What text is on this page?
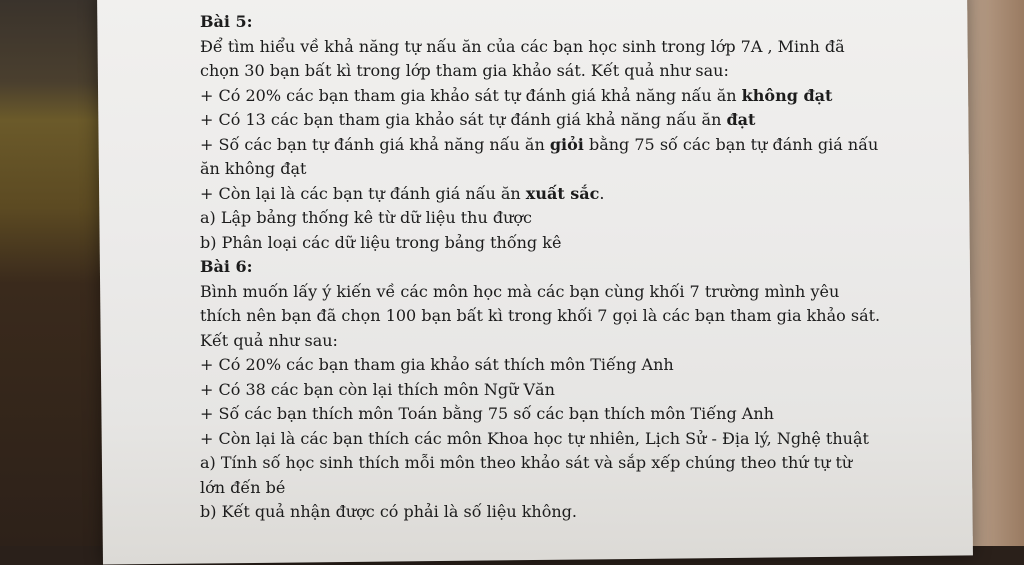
Bài 5:

Để tìm hiểu về khả năng tự nấu ăn của các bạn học sinh trong lớp 7A , Minh đã

chọn 30 bạn bất kì trong lớp tham gia khảo sát. Kết quả như sau:

+ Có 20% các bạn tham gia khảo sát tự đánh giá khả năng nấu ăn không đạt

+ Có 13 các bạn tham gia khảo sát tự đánh giá khả năng nấu ăn đạt

+ Số các bạn tự đánh giá khả năng nấu ăn giỏi bằng 75 số các bạn tự đánh giá nấu

ăn không đạt

+ Còn lại là các bạn tự đánh giá nấu ăn xuất sắc.

a) Lập bảng thống kê từ dữ liệu thu được

b) Phân loại các dữ liệu trong bảng thống kê

Bài 6:

Bình muốn lấy ý kiến về các môn học mà các bạn cùng khối 7 trường mình yêu

thích nên bạn đã chọn 100 bạn bất kì trong khối 7 gọi là các bạn tham gia khảo sát.

Kết quả như sau:

+ Có 20% các bạn tham gia khảo sát thích môn Tiếng Anh

+ Có 38 các bạn còn lại thích môn Ngữ Văn

+ Số các bạn thích môn Toán bằng 75 số các bạn thích môn Tiếng Anh

+ Còn lại là các bạn thích các môn Khoa học tự nhiên, Lịch Sử - Địa lý, Nghệ thuật

a) Tính số học sinh thích mỗi môn theo khảo sát và sắp xếp chúng theo thứ tự từ

lớn đến bé

b) Kết quả nhận được có phải là số liệu không.
